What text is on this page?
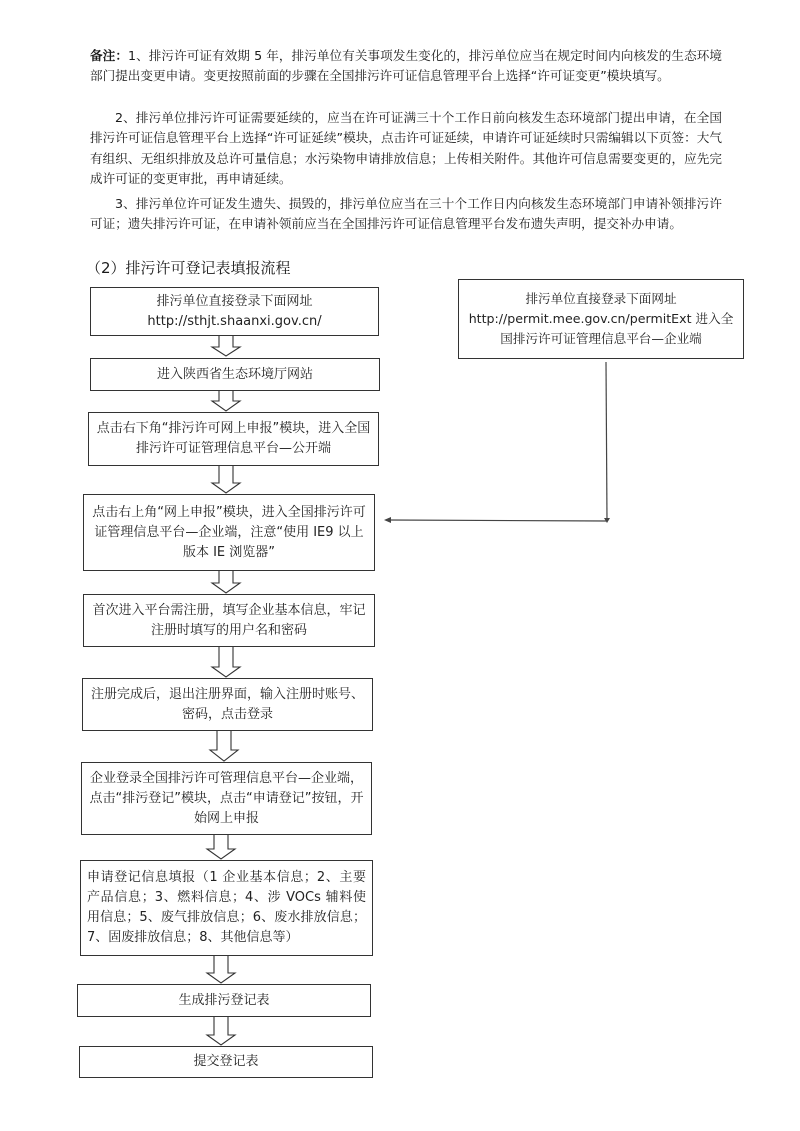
备注：1、排污许可证有效期 5 年，排污单位有关事项发生变化的，排污单位应当在规定时间内向核发的生态环境部门提出变更申请。变更按照前面的步骤在全国排污许可证信息管理平台上选择“许可证变更”模块填写。

2、排污单位排污许可证需要延续的，应当在许可证满三十个工作日前向核发生态环境部门提出申请，在全国排污许可证信息管理平台上选择“许可证延续”模块，点击许可证延续，申请许可证延续时只需编辑以下页签：大气有组织、无组织排放及总许可量信息；水污染物申请排放信息；上传相关附件。其他许可信息需要变更的，应先完成许可证的变更审批，再申请延续。

3、排污单位许可证发生遗失、损毁的，排污单位应当在三十个工作日内向核发生态环境部门申请补领排污许可证；遗失排污许可证，在申请补领前应当在全国排污许可证信息管理平台发布遗失声明，提交补办申请。

（2）排污许可登记表填报流程

排污单位直接登录下面网址
http://sthjt.shaanxi.gov.cn/
进入陕西省生态环境厅网站
点击右下角“排污许可网上申报”模块，进入全国排污许可证管理信息平台—公开端
点击右上角“网上申报”模块，进入全国排污许可证管理信息平台—企业端，注意“使用 IE9 以上版本 IE 浏览器”
首次进入平台需注册，填写企业基本信息，牢记注册时填写的用户名和密码
注册完成后，退出注册界面，输入注册时账号、密码，点击登录
企业登录全国排污许可管理信息平台—企业端，点击“排污登记”模块，点击“申请登记”按钮，开始网上申报
申请登记信息填报（1 企业基本信息；2、主要产品信息；3、燃料信息；4、涉 VOCs 辅料使用信息；5、废气排放信息；6、废水排放信息；7、固废排放信息；8、其他信息等）
生成排污登记表
提交登记表
排污单位直接登录下面网址
http://permit.mee.gov.cn/permitExt 进入全国排污许可证管理信息平台—企业端
